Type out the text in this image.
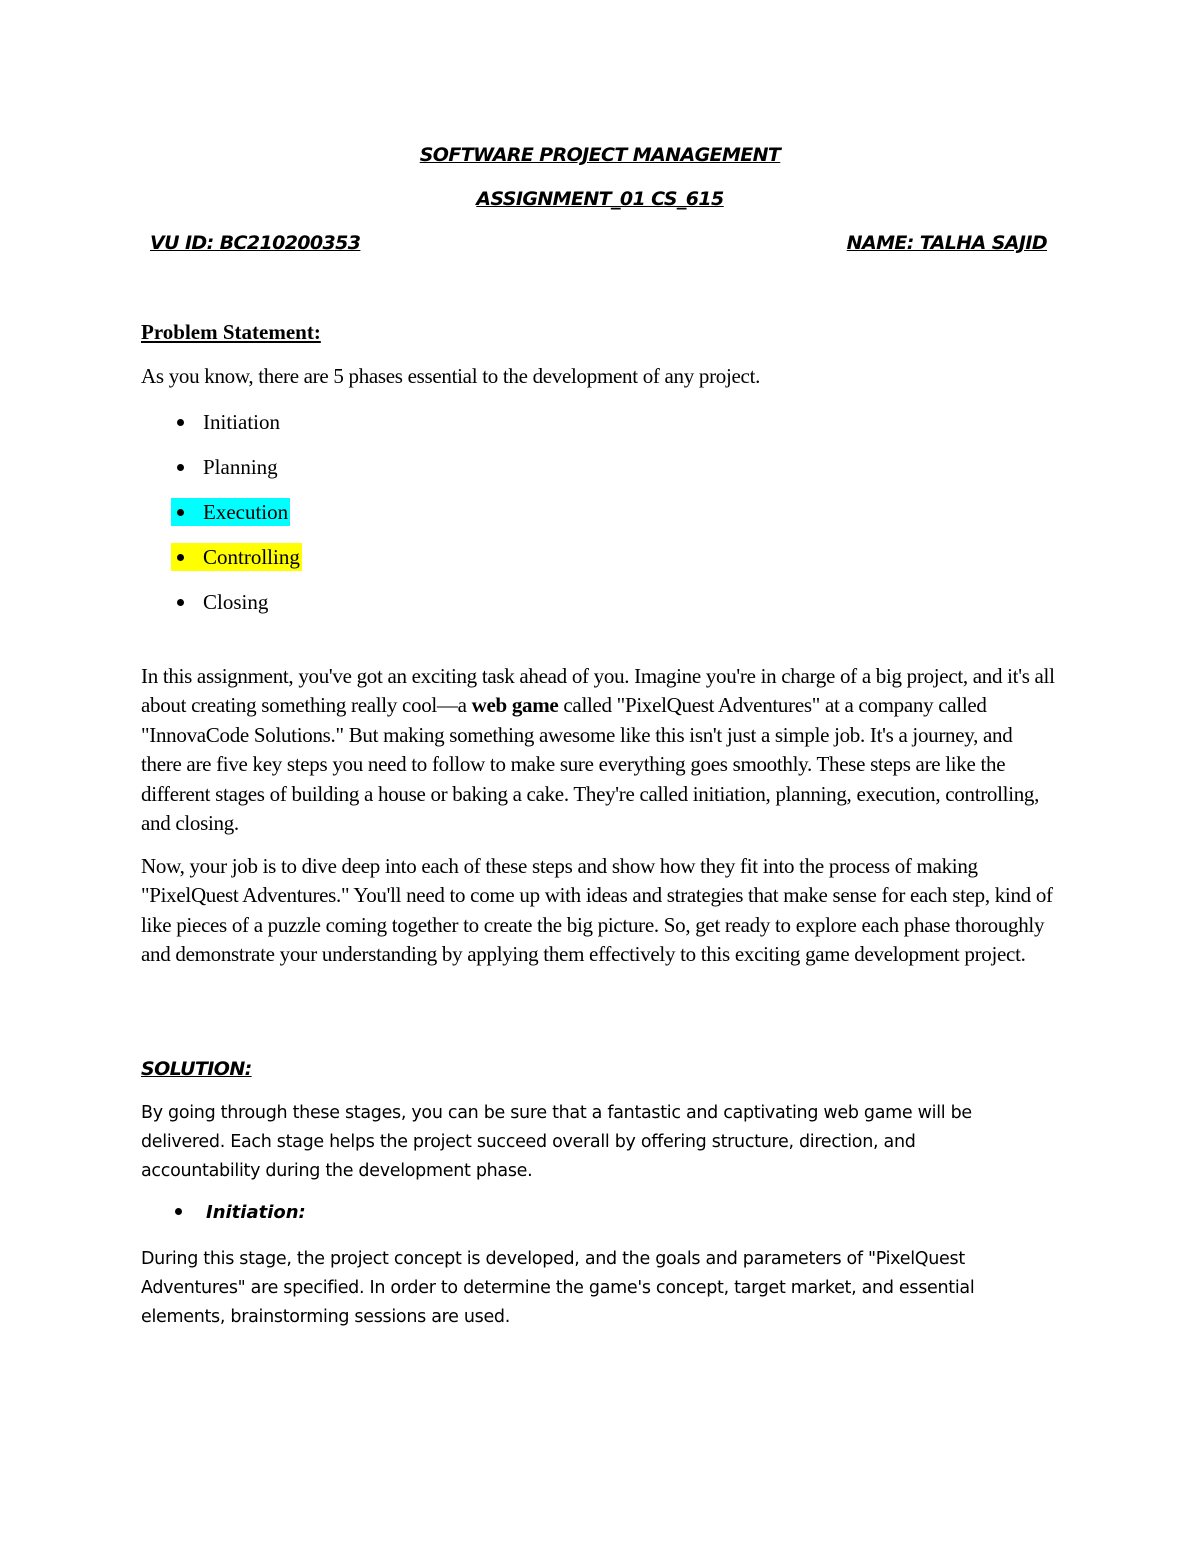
SOFTWARE PROJECT MANAGEMENT
ASSIGNMENT_01 CS_615
VU ID: BC210200353	NAME: TALHA SAJID
Problem Statement:
As you know, there are 5 phases essential to the development of any project.
Initiation
Planning
Execution
Controlling
Closing

In this assignment, you've got an exciting task ahead of you. Imagine you're in charge of a big project, and it's all about creating something really cool—a web game called "PixelQuest Adventures" at a company called "InnovaCode Solutions." But making something awesome like this isn't just a simple job. It's a journey, and there are five key steps you need to follow to make sure everything goes smoothly. These steps are like the different stages of building a house or baking a cake. They're called initiation, planning, execution, controlling, and closing.

Now, your job is to dive deep into each of these steps and show how they fit into the process of making "PixelQuest Adventures." You'll need to come up with ideas and strategies that make sense for each step, kind of like pieces of a puzzle coming together to create the big picture. So, get ready to explore each phase thoroughly and demonstrate your understanding by applying them effectively to this exciting game development project.

SOLUTION:

By going through these stages, you can be sure that a fantastic and captivating web game will be delivered. Each stage helps the project succeed overall by offering structure, direction, and accountability during the development phase.

Initiation:

During this stage, the project concept is developed, and the goals and parameters of "PixelQuest Adventures" are specified. In order to determine the game's concept, target market, and essential elements, brainstorming sessions are used.
